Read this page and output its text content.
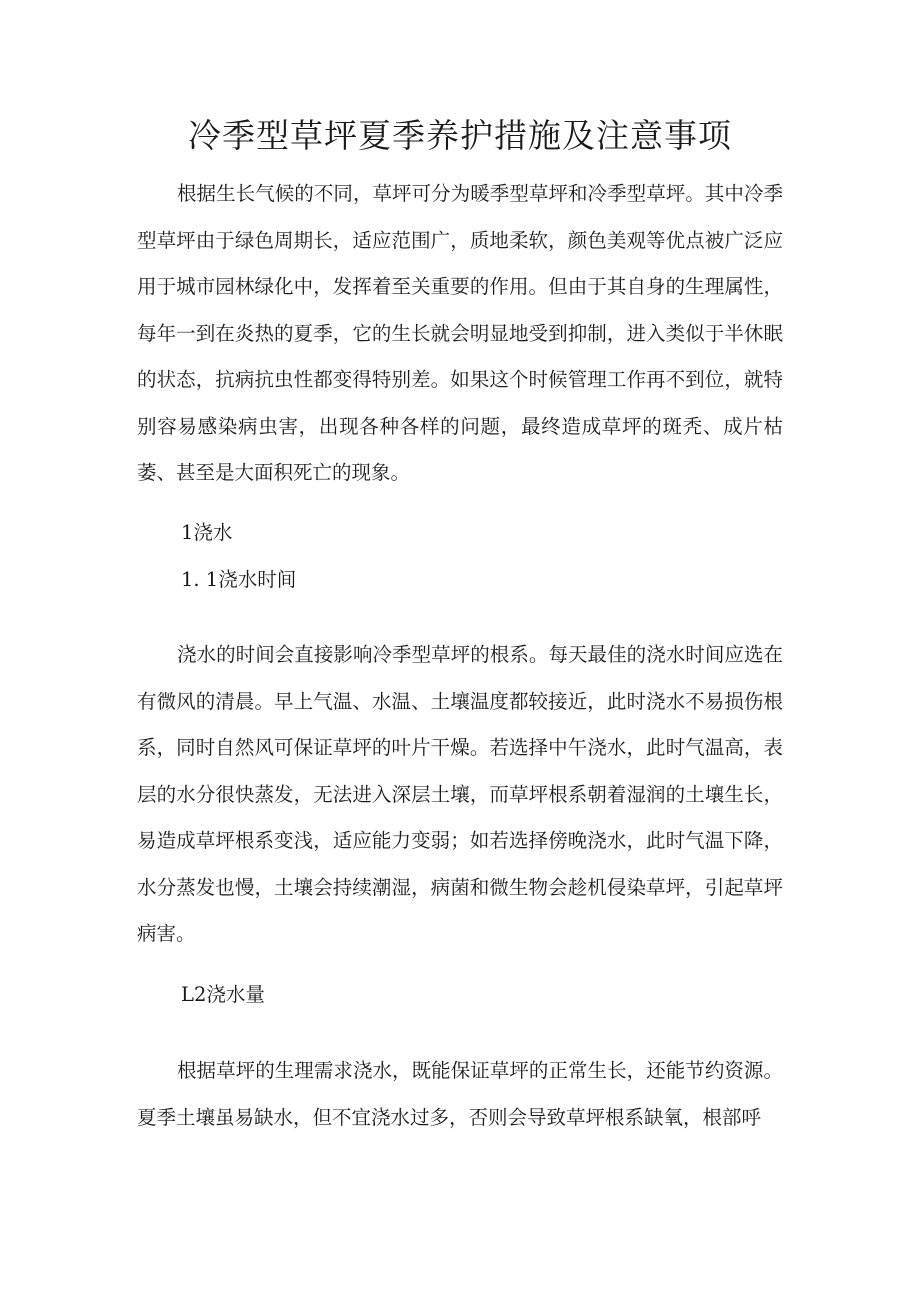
冷季型草坪夏季养护措施及注意事项

根据生长气候的不同，草坪可分为暖季型草坪和冷季型草坪。其中冷季型草坪由于绿色周期长，适应范围广，质地柔软，颜色美观等优点被广泛应用于城市园林绿化中，发挥着至关重要的作用。但由于其自身的生理属性，每年一到在炎热的夏季，它的生长就会明显地受到抑制，进入类似于半休眠的状态，抗病抗虫性都变得特别差。如果这个时候管理工作再不到位，就特别容易感染病虫害，出现各种各样的问题，最终造成草坪的斑秃、成片枯萎、甚至是大面积死亡的现象。

1浇水
1. 1浇水时间

浇水的时间会直接影响冷季型草坪的根系。每天最佳的浇水时间应选在有微风的清晨。早上气温、水温、土壤温度都较接近，此时浇水不易损伤根系，同时自然风可保证草坪的叶片干燥。若选择中午浇水，此时气温高，表层的水分很快蒸发，无法进入深层土壤，而草坪根系朝着湿润的土壤生长，易造成草坪根系变浅，适应能力变弱；如若选择傍晚浇水，此时气温下降，水分蒸发也慢，土壤会持续潮湿，病菌和微生物会趁机侵染草坪，引起草坪病害。

L2浇水量

根据草坪的生理需求浇水，既能保证草坪的正常生长，还能节约资源。夏季土壤虽易缺水，但不宜浇水过多，否则会导致草坪根系缺氧，根部呼
